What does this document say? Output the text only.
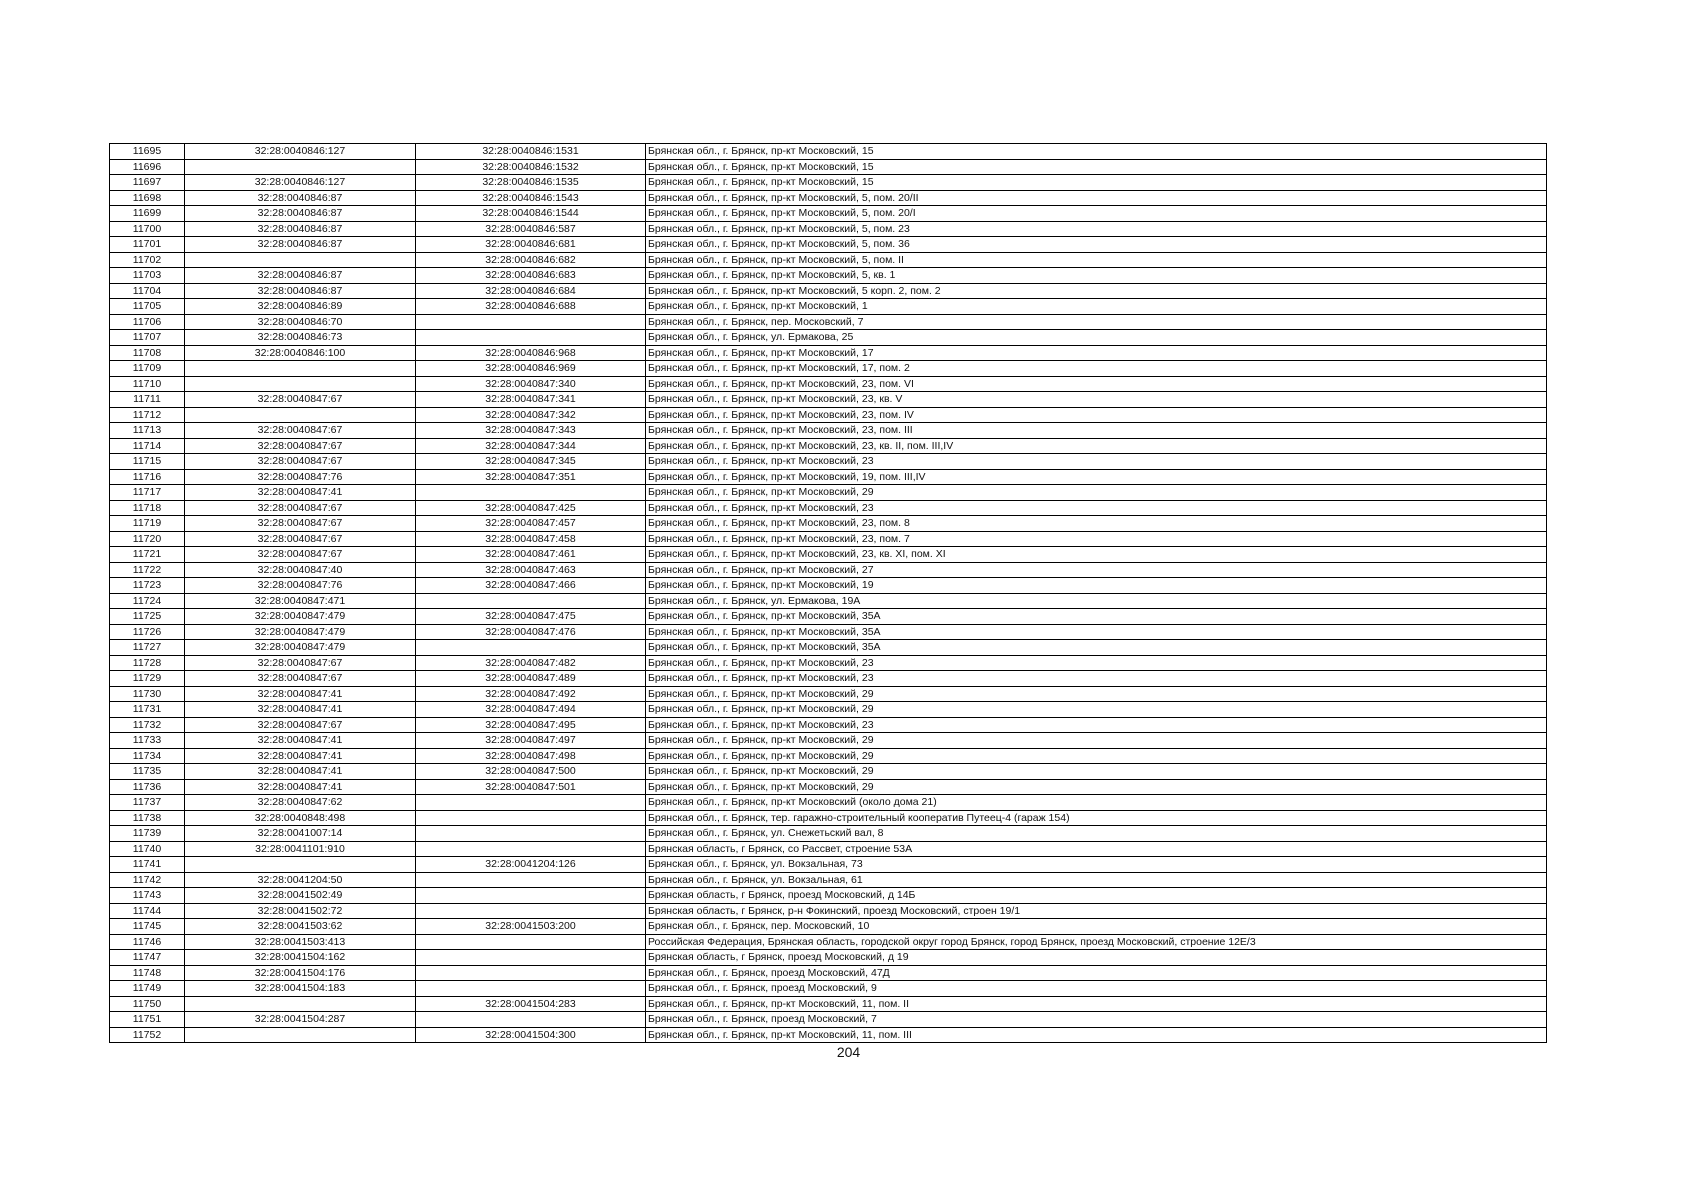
11695	32:28:0040846:127	32:28:0040846:1531	Брянская обл., г. Брянск, пр-кт Московский, 15
11696		32:28:0040846:1532	Брянская обл., г. Брянск, пр-кт Московский, 15
11697	32:28:0040846:127	32:28:0040846:1535	Брянская обл., г. Брянск, пр-кт Московский, 15
11698	32:28:0040846:87	32:28:0040846:1543	Брянская обл., г. Брянск, пр-кт Московский, 5, пом. 20/II
11699	32:28:0040846:87	32:28:0040846:1544	Брянская обл., г. Брянск, пр-кт Московский, 5, пом. 20/I
11700	32:28:0040846:87	32:28:0040846:587	Брянская обл., г. Брянск, пр-кт Московский, 5, пом. 23
11701	32:28:0040846:87	32:28:0040846:681	Брянская обл., г. Брянск, пр-кт Московский, 5, пом. 36
11702		32:28:0040846:682	Брянская обл., г. Брянск, пр-кт Московский, 5, пом. II
11703	32:28:0040846:87	32:28:0040846:683	Брянская обл., г. Брянск, пр-кт Московский, 5, кв. 1
11704	32:28:0040846:87	32:28:0040846:684	Брянская обл., г. Брянск, пр-кт Московский, 5 корп. 2, пом. 2
11705	32:28:0040846:89	32:28:0040846:688	Брянская обл., г. Брянск, пр-кт Московский, 1
11706	32:28:0040846:70		Брянская обл., г. Брянск, пер. Московский, 7
11707	32:28:0040846:73		Брянская обл., г. Брянск, ул. Ермакова, 25
11708	32:28:0040846:100	32:28:0040846:968	Брянская обл., г. Брянск, пр-кт Московский, 17
11709		32:28:0040846:969	Брянская обл., г. Брянск, пр-кт Московский, 17, пом. 2
11710		32:28:0040847:340	Брянская обл., г. Брянск, пр-кт Московский, 23, пом. VI
11711	32:28:0040847:67	32:28:0040847:341	Брянская обл., г. Брянск, пр-кт Московский, 23, кв. V
11712		32:28:0040847:342	Брянская обл., г. Брянск, пр-кт Московский, 23, пом. IV
11713	32:28:0040847:67	32:28:0040847:343	Брянская обл., г. Брянск, пр-кт Московский, 23, пом. III
11714	32:28:0040847:67	32:28:0040847:344	Брянская обл., г. Брянск, пр-кт Московский, 23, кв. II, пом. III,IV
11715	32:28:0040847:67	32:28:0040847:345	Брянская обл., г. Брянск, пр-кт Московский, 23
11716	32:28:0040847:76	32:28:0040847:351	Брянская обл., г. Брянск, пр-кт Московский, 19, пом. III,IV
11717	32:28:0040847:41		Брянская обл., г. Брянск, пр-кт Московский, 29
11718	32:28:0040847:67	32:28:0040847:425	Брянская обл., г. Брянск, пр-кт Московский, 23
11719	32:28:0040847:67	32:28:0040847:457	Брянская обл., г. Брянск, пр-кт Московский, 23, пом. 8
11720	32:28:0040847:67	32:28:0040847:458	Брянская обл., г. Брянск, пр-кт Московский, 23, пом. 7
11721	32:28:0040847:67	32:28:0040847:461	Брянская обл., г. Брянск, пр-кт Московский, 23, кв. XI, пом. XI
11722	32:28:0040847:40	32:28:0040847:463	Брянская обл., г. Брянск, пр-кт Московский, 27
11723	32:28:0040847:76	32:28:0040847:466	Брянская обл., г. Брянск, пр-кт Московский, 19
11724	32:28:0040847:471		Брянская обл., г. Брянск, ул. Ермакова, 19А
11725	32:28:0040847:479	32:28:0040847:475	Брянская обл., г. Брянск, пр-кт Московский, 35А
11726	32:28:0040847:479	32:28:0040847:476	Брянская обл., г. Брянск, пр-кт Московский, 35А
11727	32:28:0040847:479		Брянская обл., г. Брянск, пр-кт Московский, 35А
11728	32:28:0040847:67	32:28:0040847:482	Брянская обл., г. Брянск, пр-кт Московский, 23
11729	32:28:0040847:67	32:28:0040847:489	Брянская обл., г. Брянск, пр-кт Московский, 23
11730	32:28:0040847:41	32:28:0040847:492	Брянская обл., г. Брянск, пр-кт Московский, 29
11731	32:28:0040847:41	32:28:0040847:494	Брянская обл., г. Брянск, пр-кт Московский, 29
11732	32:28:0040847:67	32:28:0040847:495	Брянская обл., г. Брянск, пр-кт Московский, 23
11733	32:28:0040847:41	32:28:0040847:497	Брянская обл., г. Брянск, пр-кт Московский, 29
11734	32:28:0040847:41	32:28:0040847:498	Брянская обл., г. Брянск, пр-кт Московский, 29
11735	32:28:0040847:41	32:28:0040847:500	Брянская обл., г. Брянск, пр-кт Московский, 29
11736	32:28:0040847:41	32:28:0040847:501	Брянская обл., г. Брянск, пр-кт Московский, 29
11737	32:28:0040847:62		Брянская обл., г. Брянск, пр-кт Московский (около дома 21)
11738	32:28:0040848:498		Брянская обл., г. Брянск, тер. гаражно-строительный кооператив Путеец-4 (гараж 154)
11739	32:28:0041007:14		Брянская обл., г. Брянск, ул. Снежетьский вал, 8
11740	32:28:0041101:910		Брянская область, г Брянск, со Рассвет, строение 53А
11741		32:28:0041204:126	Брянская обл., г. Брянск, ул. Вокзальная, 73
11742	32:28:0041204:50		Брянская обл., г. Брянск, ул. Вокзальная, 61
11743	32:28:0041502:49		Брянская область, г Брянск, проезд Московский, д 14Б
11744	32:28:0041502:72		Брянская область, г Брянск, р-н Фокинский, проезд Московский, строен 19/1
11745	32:28:0041503:62	32:28:0041503:200	Брянская обл., г. Брянск, пер. Московский, 10
11746	32:28:0041503:413		Российская Федерация, Брянская область, городской округ город Брянск, город Брянск, проезд Московский, строение 12Е/3
11747	32:28:0041504:162		Брянская область, г Брянск, проезд Московский, д 19
11748	32:28:0041504:176		Брянская обл., г. Брянск, проезд Московский, 47Д
11749	32:28:0041504:183		Брянская обл., г. Брянск, проезд Московский, 9
11750		32:28:0041504:283	Брянская обл., г. Брянск, пр-кт Московский, 11, пом. II
11751	32:28:0041504:287		Брянская обл., г. Брянск, проезд Московский, 7
11752		32:28:0041504:300	Брянская обл., г. Брянск, пр-кт Московский, 11, пом. III
204
